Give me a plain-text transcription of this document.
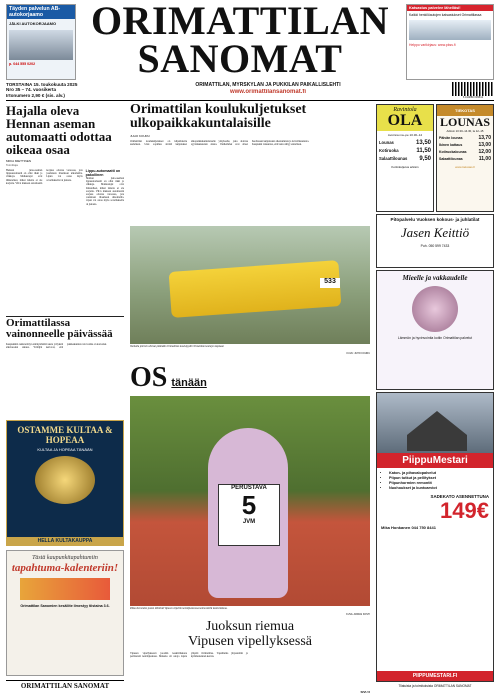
Täyden palvelun AB-autokorjaamo
JÄLKI AUTOKORJAAMO
p. 044 555 0202
ORIMATTILAN
SANOMAT
Katsastus palvelee lähelläsi!
Kaikki henkilöautojen katsastukset Orimattilassa
Helppo varikirjaus: www.pkss.fi
TORSTAINA 15. toukokuuta 2025
Nro 35 – 74. vuosikerta
Irtonumero 2,90 € (sis. alv.)
ORIMATTILAN, MYRSKYLÄN JA PUKKILAN PAIKALLISLEHTI
www.orimattilansanomat.fi
6 414880 009512
Hajalla oleva Hennan aseman automaatti odottaa oikeaa osaa
MIIKA MIETTINEN
Toimittaja
Hennan juna-aseman lippuautomaatti on ollut rikki jo viikkoja. Matkustajat ovat ihmetelleet, miksi laitetta ei ole korjattu. VR:n mukaan automaatin korjaus odottaa varaosaa, jota joudutaan tilaamaan ulkomailta. Lipun voi ostaa myös sovelluksella tai junasta.
Lippu-automaatti on pakollinen
Hennan juna-aseman lippuautomaatti on ollut rikki jo viikkoja. Matkustajat ovat ihmetelleet, miksi laitetta ei ole korjattu. VR:n mukaan automaatin korjaus odottaa varaosaa, jota joudutaan tilaamaan ulkomailta. Lipun voi ostaa myös sovelluksella tai junasta.
Orimattilassa vainonneelle päivässää
Kaupunkiin rekisteröityi ennätysmäärä uusia yrityksiä alkuvuoden aikana. Yrittäjät kertovat, että paikkakunnan vetovoima on kasvanut.
OSTAMME KULTAA & HOPEAA
KULTAA JA HOPEAA TÄNÄÄN
HELLA KULTAKAUPPA
Tästä kaupunkitapahtumiin
tapahtuma-kalenteriin!
Orimattilan Sanomien kesäliite ilmestyy tiistaina 3.6.
ORIMATTILAN SANOMAT
Orimattilan koulukuljetukset ulkopaikkakuntalaisille
JUHO KOURU
Orimattilan koulukuljetukset on kilpailutettu uudelleen. Uusi sopimus siirtää kuljetukset ulkopaikkakuntalaiselle yritykselle, joka aloittaa syyslukukauden alusta. Vanhemmat ovat olleet huolissaan kuljetusten aikatauluista ja turvallisuudesta. Kaupunki vakuuttaa, että laatu säilyy ennallaan.
533
Vanhalla piirtoin olisivat pitämään Orimattilan koulukyydit Orimattilan koulujen lapsiaan
KUVA: JUHO KOURU
OS tänään
PERUSTAVA
5
JVM
Pikku Keromäen juoksi lähtiöstä Vipusen viipellin kenttäjuoksussa kolmostiellä keskiviikkona.
KUVA: ARMAS KOSTI
Juoksun riemua
Vipusen vipellyksessä
Vipusen vipellyksessä juostiin keskiviikkona perinteistä kenttäjuoksua. Mukana oli satoja lapsia ympäri Orimattilaa. Tapahtuma järjestettiin jo kymmenennen kerran.
SIVU 6
Ravintola
OLA
Avoinna ma–pe 10.30–14
Lounas	13,50
Kotiruoka	11,50
Salaattilounas 9,50
Kotiinkuljetus arkisin
TIEKOTAS
LOUNAS
Arkisin 10.30–14.30, la 12–15
Päivän lounas	13,70
Ikinen kattaus	13,00
Kotiruokalounas 12,00
Salaattilounas	11,00
www.tiekotas.fi
Pitopalvelu Vuoksen kokous- ja juhlatilat
Jasen Keittiö
Puh. 050 599 7433
Mieelle ja vakkaudelle
Lämmön ja hyvinvointia kotiin Orimattilan palvelut
PiippuMestari
• Katon- ja pihavalopalvelut
• Piipun tutkut ja pellitykset
• Piipunhormien remontit
• Nuohoukset ja kuntoarviot
SADEKATO ASENNETTUNA
149€
Mika Honkanen 044 750 8441
PIIPPUMESTARI.FI
Tilatuista ja toimituksista ORIMATTILAN SANOMAT
